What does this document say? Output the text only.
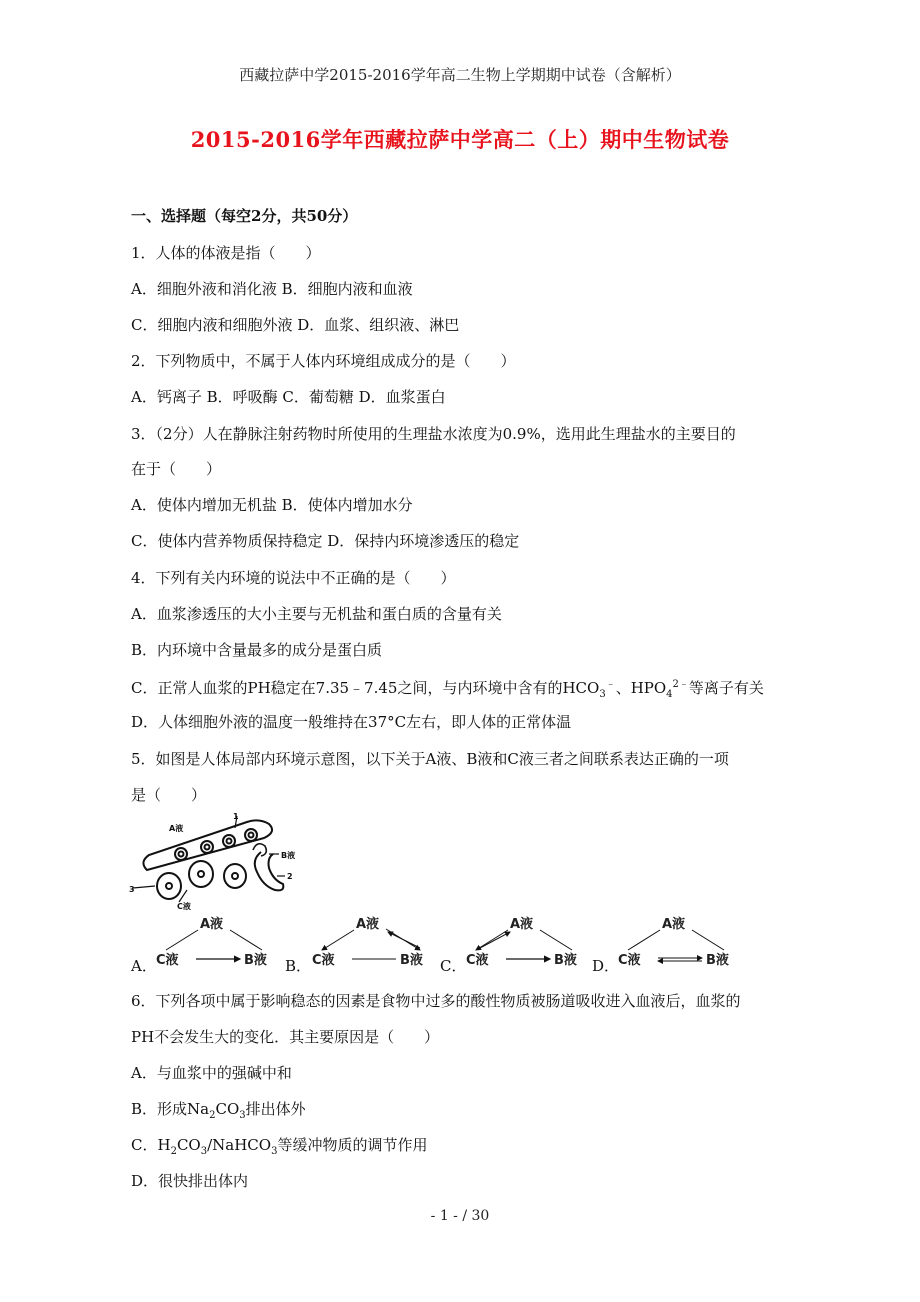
西藏拉萨中学2015-2016学年高二生物上学期期中试卷（含解析）
2015-2016学年西藏拉萨中学高二（上）期中生物试卷
一、选择题（每空2分，共50分）
1．人体的体液是指（　　）
A．细胞外液和消化液 B．细胞内液和血液
C．细胞内液和细胞外液 D．血浆、组织液、淋巴
2．下列物质中，不属于人体内环境组成成分的是（　　）
A．钙离子 B．呼吸酶 C．葡萄糖 D．血浆蛋白
3．（2分）人在静脉注射药物时所使用的生理盐水浓度为0.9%，选用此生理盐水的主要目的
在于（　　）
A．使体内增加无机盐 B．使体内增加水分
C．使体内营养物质保持稳定 D．保持内环境渗透压的稳定
4．下列有关内环境的说法中不正确的是（　　）
A．血浆渗透压的大小主要与无机盐和蛋白质的含量有关
B．内环境中含量最多的成分是蛋白质
C．正常人血浆的PH稳定在7.35﹣7.45之间，与内环境中含有的$HCO_3^﹣$、$HPO_4^{2﹣}$等离子有关
D．人体细胞外液的温度一般维持在37°C左右，即人体的正常体温
5．如图是人体局部内环境示意图，以下关于A液、B液和C液三者之间联系表达正确的一项
是（　　）
A液
B液
C液
1
2
3
A．
A液
C液	B液 B．
A液
C液	B液 C．
A液
C液	B液 D．
A液
C液	B液
6．下列各项中属于影响稳态的因素是食物中过多的酸性物质被肠道吸收进入血液后，血浆的
PH不会发生大的变化．其主要原因是（　　）
A．与血浆中的强碱中和
B．形成$Na_2CO_3$排出体外
C．$H_2CO_3/NaHCO_3$等缓冲物质的调节作用
D．很快排出体内
- 1 - / 30
